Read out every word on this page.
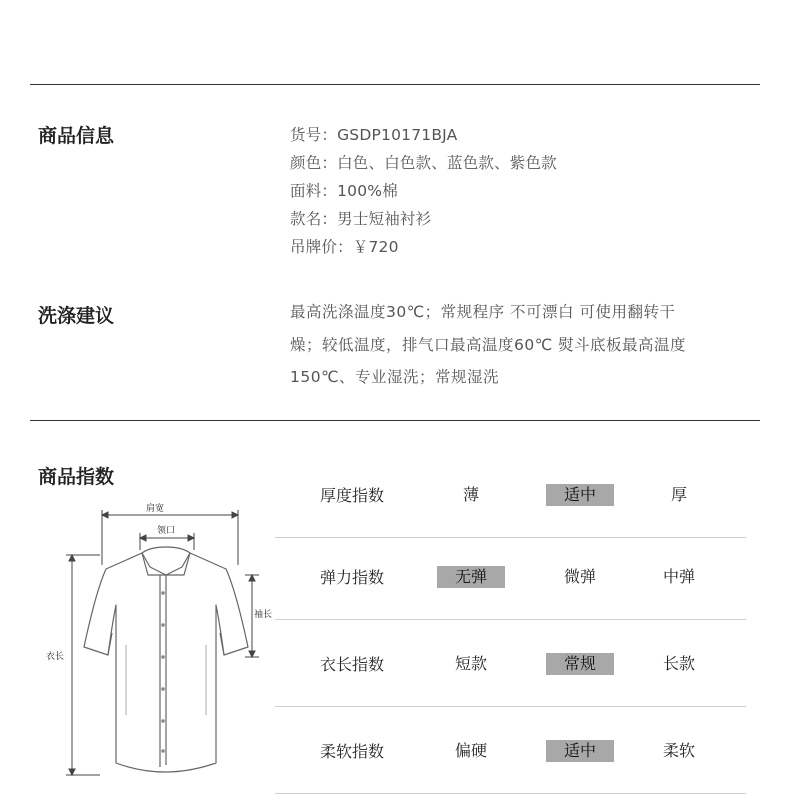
商品信息	货号：GSDP10171BJA
颜色：白色、白色款、蓝色款、紫色款
面料：100%棉
款名：男士短袖衬衫
吊牌价：￥720
洗涤建议	最高洗涤温度30℃；常规程序 不可漂白 可使用翻转干
燥；较低温度，排气口最高温度60℃ 熨斗底板最高温度
150℃、专业湿洗；常规湿洗
商品指数
厚度指数	薄	适中	厚
弹力指数	无弹	微弹	中弹
衣长指数	短款	常规	长款
柔软指数	偏硬	适中	柔软
肩宽
领口
袖长
衣长
